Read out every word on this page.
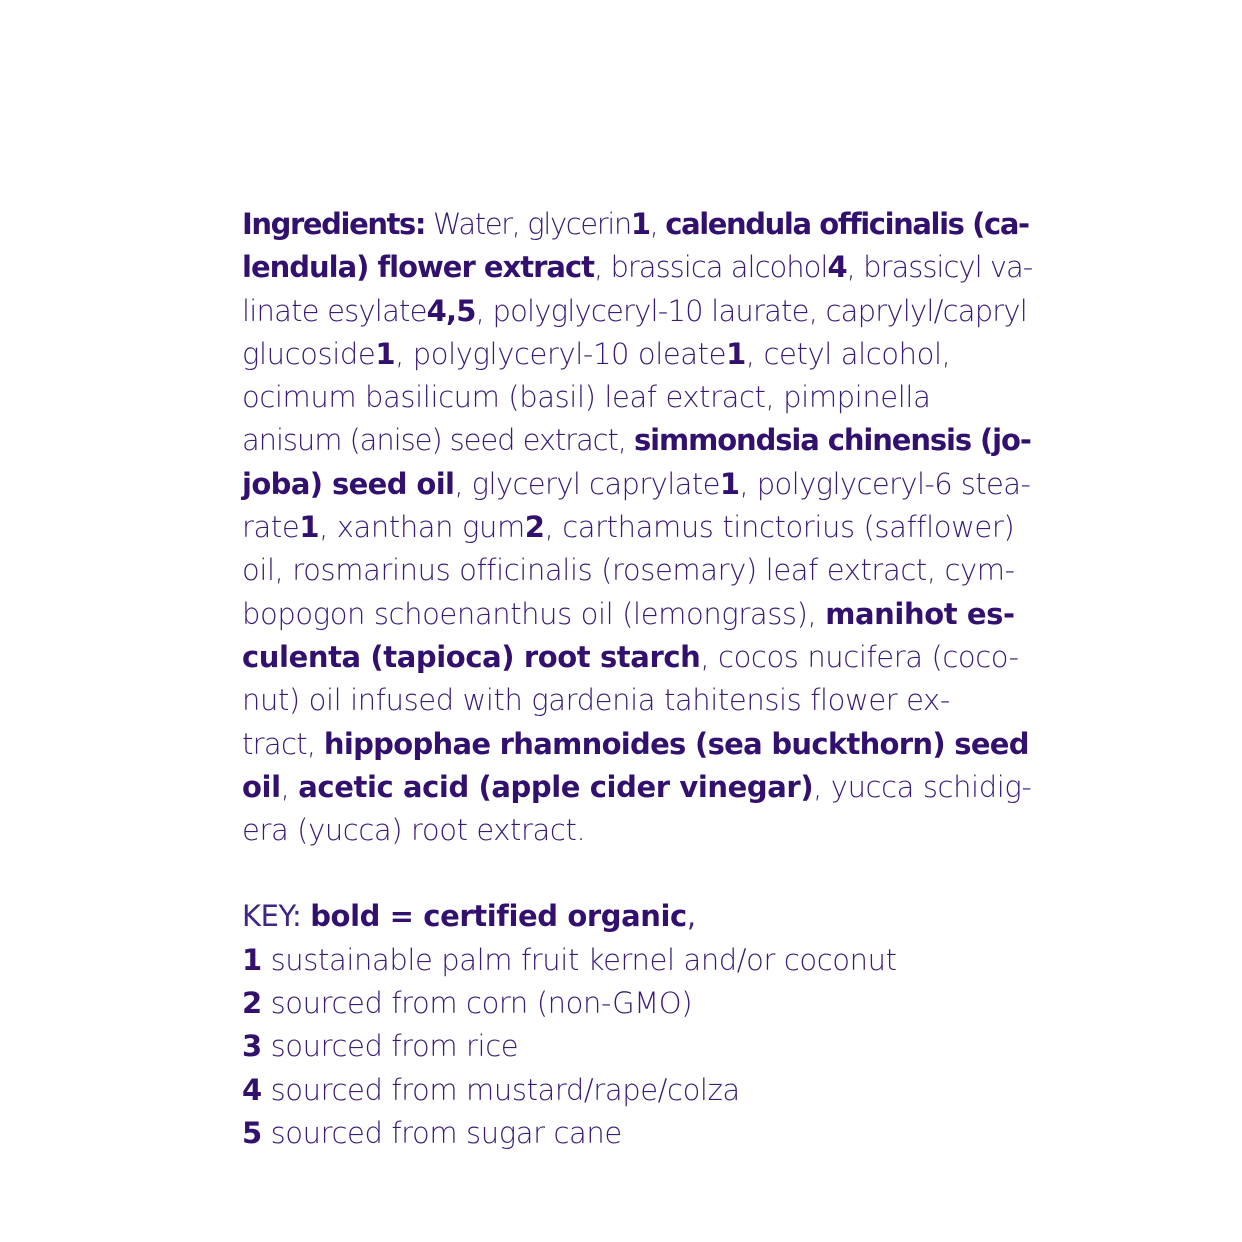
Ingredients: Water, glycerin1, calendula officinalis (ca-
lendula) flower extract, brassica alcohol4, brassicyl va-
linate esylate4,5, polyglyceryl-10 laurate, caprylyl/capryl
glucoside1, polyglyceryl-10 oleate1, cetyl alcohol,
ocimum basilicum (basil) leaf extract, pimpinella
anisum (anise) seed extract, simmondsia chinensis (jo-
joba) seed oil, glyceryl caprylate1, polyglyceryl-6 stea-
rate1, xanthan gum2, carthamus tinctorius (safflower)
oil, rosmarinus officinalis (rosemary) leaf extract, cym-
bopogon schoenanthus oil (lemongrass), manihot es-
culenta (tapioca) root starch, cocos nucifera (coco-
nut) oil infused with gardenia tahitensis flower ex-
tract, hippophae rhamnoides (sea buckthorn) seed
oil, acetic acid (apple cider vinegar), yucca schidig-
era (yucca) root extract.
KEY: bold = certified organic,
1 sustainable palm fruit kernel and/or coconut
2 sourced from corn (non-GMO)
3 sourced from rice
4 sourced from mustard/rape/colza
5 sourced from sugar cane
